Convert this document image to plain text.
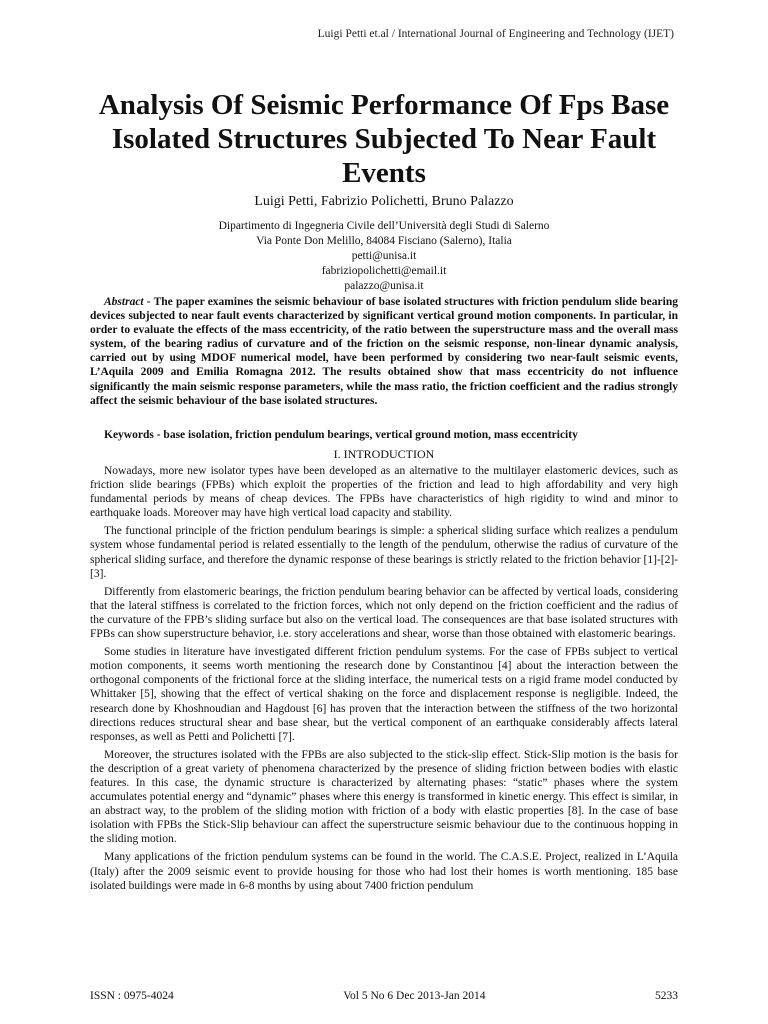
Luigi Petti et.al / International Journal of Engineering and Technology (IJET)
Analysis Of Seismic Performance Of Fps Base Isolated Structures Subjected To Near Fault Events
Luigi Petti, Fabrizio Polichetti, Bruno Palazzo
Dipartimento di Ingegneria Civile dell’Università degli Studi di Salerno
Via Ponte Don Melillo, 84084 Fisciano (Salerno), Italia
petti@unisa.it
fabriziopolichetti@email.it
palazzo@unisa.it
Abstract - The paper examines the seismic behaviour of base isolated structures with friction pendulum slide bearing devices subjected to near fault events characterized by significant vertical ground motion components. In particular, in order to evaluate the effects of the mass eccentricity, of the ratio between the superstructure mass and the overall mass system, of the bearing radius of curvature and of the friction on the seismic response, non-linear dynamic analysis, carried out by using MDOF numerical model, have been performed by considering two near-fault seismic events, L’Aquila 2009 and Emilia Romagna 2012. The results obtained show that mass eccentricity do not influence significantly the main seismic response parameters, while the mass ratio, the friction coefficient and the radius strongly affect the seismic behaviour of the base isolated structures.
Keywords - base isolation, friction pendulum bearings, vertical ground motion, mass eccentricity
I. INTRODUCTION

Nowadays, more new isolator types have been developed as an alternative to the multilayer elastomeric devices, such as friction slide bearings (FPBs) which exploit the properties of the friction and lead to high affordability and very high fundamental periods by means of cheap devices. The FPBs have characteristics of high rigidity to wind and minor to earthquake loads. Moreover may have high vertical load capacity and stability.

The functional principle of the friction pendulum bearings is simple: a spherical sliding surface which realizes a pendulum system whose fundamental period is related essentially to the length of the pendulum, otherwise the radius of curvature of the spherical sliding surface, and therefore the dynamic response of these bearings is strictly related to the friction behavior [1]-[2]-[3].

Differently from elastomeric bearings, the friction pendulum bearing behavior can be affected by vertical loads, considering that the lateral stiffness is correlated to the friction forces, which not only depend on the friction coefficient and the radius of the curvature of the FPB’s sliding surface but also on the vertical load. The consequences are that base isolated structures with FPBs can show superstructure behavior, i.e. story accelerations and shear, worse than those obtained with elastomeric bearings.

Some studies in literature have investigated different friction pendulum systems. For the case of FPBs subject to vertical motion components, it seems worth mentioning the research done by Constantinou [4] about the interaction between the orthogonal components of the frictional force at the sliding interface, the numerical tests on a rigid frame model conducted by Whittaker [5], showing that the effect of vertical shaking on the force and displacement response is negligible. Indeed, the research done by Khoshnoudian and Hagdoust [6] has proven that the interaction between the stiffness of the two horizontal directions reduces structural shear and base shear, but the vertical component of an earthquake considerably affects lateral responses, as well as Petti and Polichetti [7].

Moreover, the structures isolated with the FPBs are also subjected to the stick-slip effect. Stick-Slip motion is the basis for the description of a great variety of phenomena characterized by the presence of sliding friction between bodies with elastic features. In this case, the dynamic structure is characterized by alternating phases: “static” phases where the system accumulates potential energy and “dynamic” phases where this energy is transformed in kinetic energy. This effect is similar, in an abstract way, to the problem of the sliding motion with friction of a body with elastic properties [8]. In the case of base isolation with FPBs the Stick-Slip behaviour can affect the superstructure seismic behaviour due to the continuous hopping in the sliding motion.

Many applications of the friction pendulum systems can be found in the world. The C.A.S.E. Project, realized in L’Aquila (Italy) after the 2009 seismic event to provide housing for those who had lost their homes is worth mentioning. 185 base isolated buildings were made in 6-8 months by using about 7400 friction pendulum

ISSN : 0975-4024	Vol 5 No 6 Dec 2013-Jan 2014	5233
